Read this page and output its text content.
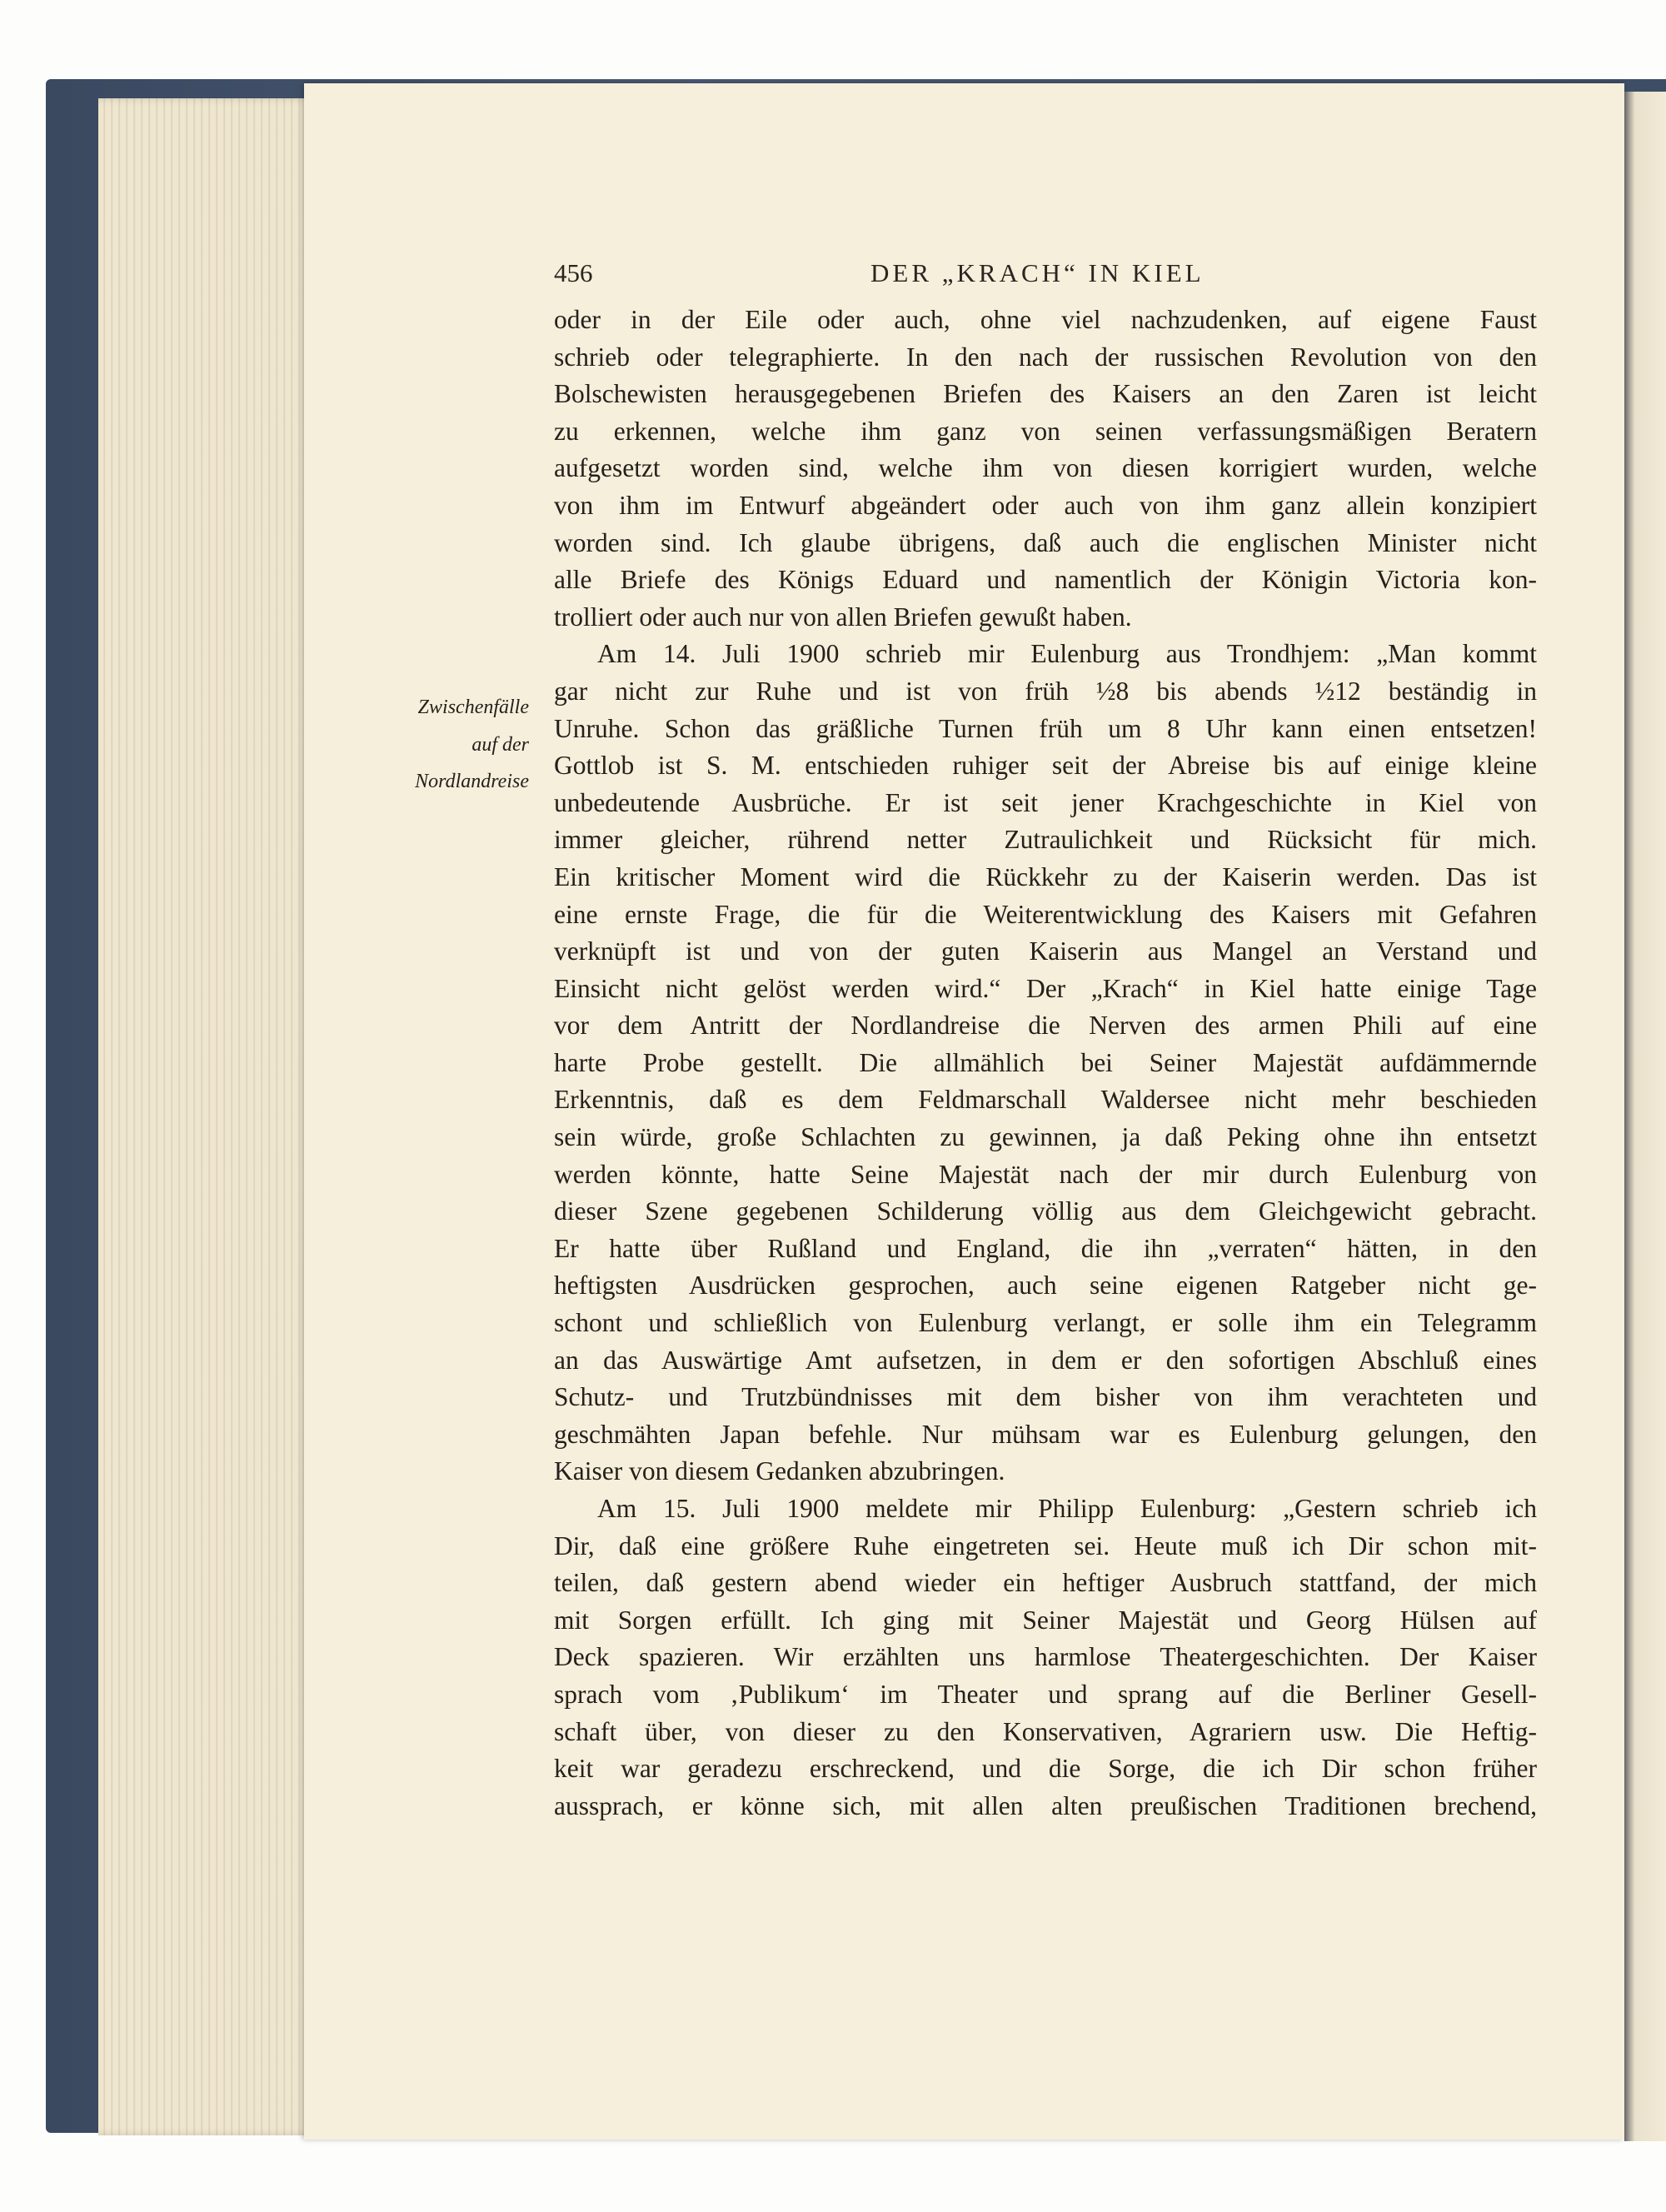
456	DER „KRACH“ IN KIEL
Zwischenfälle
auf der
Nordlandreise
oder in der Eile oder auch, ohne viel nachzudenken, auf eigene Faust
schrieb oder telegraphierte. In den nach der russischen Revolution von den
Bolschewisten herausgegebenen Briefen des Kaisers an den Zaren ist leicht
zu erkennen, welche ihm ganz von seinen verfassungsmäßigen Beratern
aufgesetzt worden sind, welche ihm von diesen korrigiert wurden, welche
von ihm im Entwurf abgeändert oder auch von ihm ganz allein konzipiert
worden sind. Ich glaube übrigens, daß auch die englischen Minister nicht
alle Briefe des Königs Eduard und namentlich der Königin Victoria kon-
trolliert oder auch nur von allen Briefen gewußt haben.
Am 14. Juli 1900 schrieb mir Eulenburg aus Trondhjem: „Man kommt
gar nicht zur Ruhe und ist von früh ½8 bis abends ½12 beständig in
Unruhe. Schon das gräßliche Turnen früh um 8 Uhr kann einen entsetzen!
Gottlob ist S. M. entschieden ruhiger seit der Abreise bis auf einige kleine
unbedeutende Ausbrüche. Er ist seit jener Krachgeschichte in Kiel von
immer gleicher, rührend netter Zutraulichkeit und Rücksicht für mich.
Ein kritischer Moment wird die Rückkehr zu der Kaiserin werden. Das ist
eine ernste Frage, die für die Weiterentwicklung des Kaisers mit Gefahren
verknüpft ist und von der guten Kaiserin aus Mangel an Verstand und
Einsicht nicht gelöst werden wird.“ Der „Krach“ in Kiel hatte einige Tage
vor dem Antritt der Nordlandreise die Nerven des armen Phili auf eine
harte Probe gestellt. Die allmählich bei Seiner Majestät aufdämmernde
Erkenntnis, daß es dem Feldmarschall Waldersee nicht mehr beschieden
sein würde, große Schlachten zu gewinnen, ja daß Peking ohne ihn entsetzt
werden könnte, hatte Seine Majestät nach der mir durch Eulenburg von
dieser Szene gegebenen Schilderung völlig aus dem Gleichgewicht gebracht.
Er hatte über Rußland und England, die ihn „verraten“ hätten, in den
heftigsten Ausdrücken gesprochen, auch seine eigenen Ratgeber nicht ge-
schont und schließlich von Eulenburg verlangt, er solle ihm ein Telegramm
an das Auswärtige Amt aufsetzen, in dem er den sofortigen Abschluß eines
Schutz- und Trutzbündnisses mit dem bisher von ihm verachteten und
geschmähten Japan befehle. Nur mühsam war es Eulenburg gelungen, den
Kaiser von diesem Gedanken abzubringen.
Am 15. Juli 1900 meldete mir Philipp Eulenburg: „Gestern schrieb ich
Dir, daß eine größere Ruhe eingetreten sei. Heute muß ich Dir schon mit-
teilen, daß gestern abend wieder ein heftiger Ausbruch stattfand, der mich
mit Sorgen erfüllt. Ich ging mit Seiner Majestät und Georg Hülsen auf
Deck spazieren. Wir erzählten uns harmlose Theatergeschichten. Der Kaiser
sprach vom ‚Publikum‘ im Theater und sprang auf die Berliner Gesell-
schaft über, von dieser zu den Konservativen, Agrariern usw. Die Heftig-
keit war geradezu erschreckend, und die Sorge, die ich Dir schon früher
aussprach, er könne sich, mit allen alten preußischen Traditionen brechend,
